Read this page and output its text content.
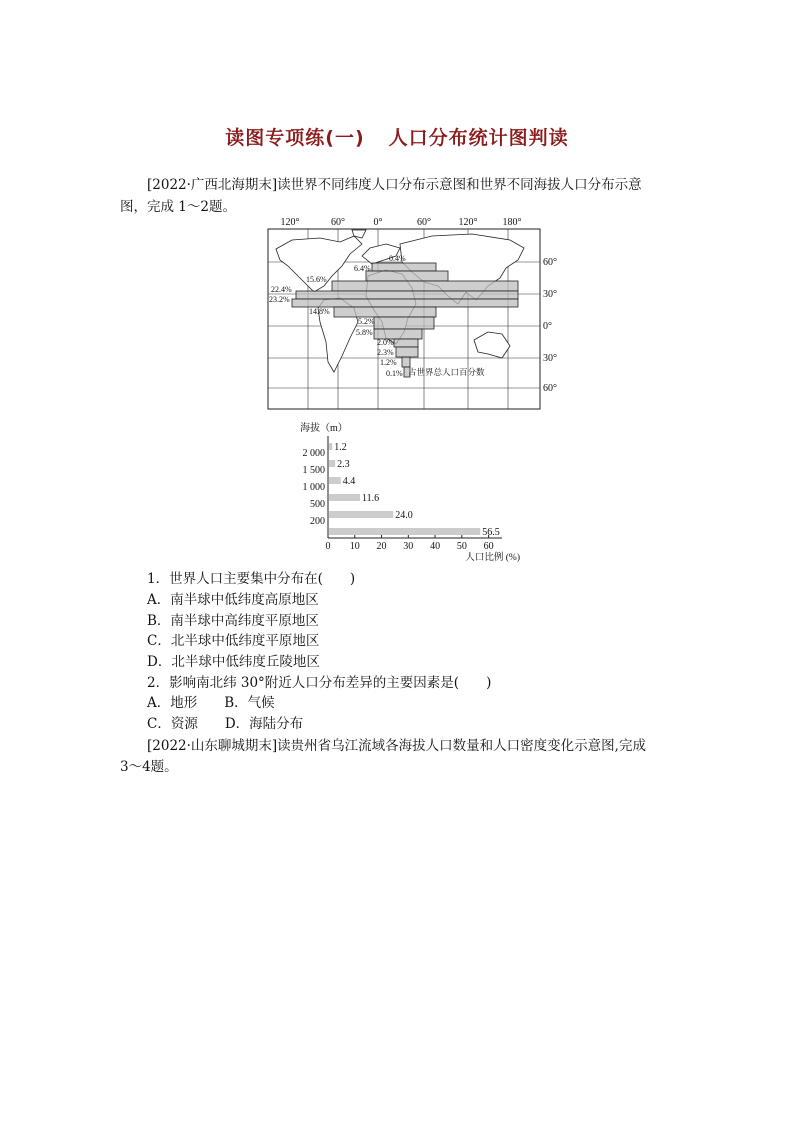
读图专项练(一) 人口分布统计图判读
[2022·广西北海期末]读世界不同纬度人口分布示意图和世界不同海拔人口分布示意
图，完成 1～2题。
120°	60°	0°	60°	120°	180°
60°
30°
0°
30°
60°
0.4%
6.4%
15.6%
22.4%
23.2%
14.8%
5.2%
5.8%
2.0%
2.3%
1.2%
0.1% 占世界总人口百分数
海拔（m）
1.2
2.3
4.4
11.6
24.0
56.5
0 10 20 30 40 50 60
2 000
1 500
1 000
500
200
人口比例 (%)
1．世界人口主要集中分布在(　　)
A．南半球中低纬度高原地区
B．南半球中高纬度平原地区
C．北半球中低纬度平原地区
D．北半球中低纬度丘陵地区
2．影响南北纬 30°附近人口分布差异的主要因素是(　　)
A．地形　　B．气候
C．资源　　D．海陆分布
[2022·山东聊城期末]读贵州省乌江流域各海拔人口数量和人口密度变化示意图,完成
3～4题。
